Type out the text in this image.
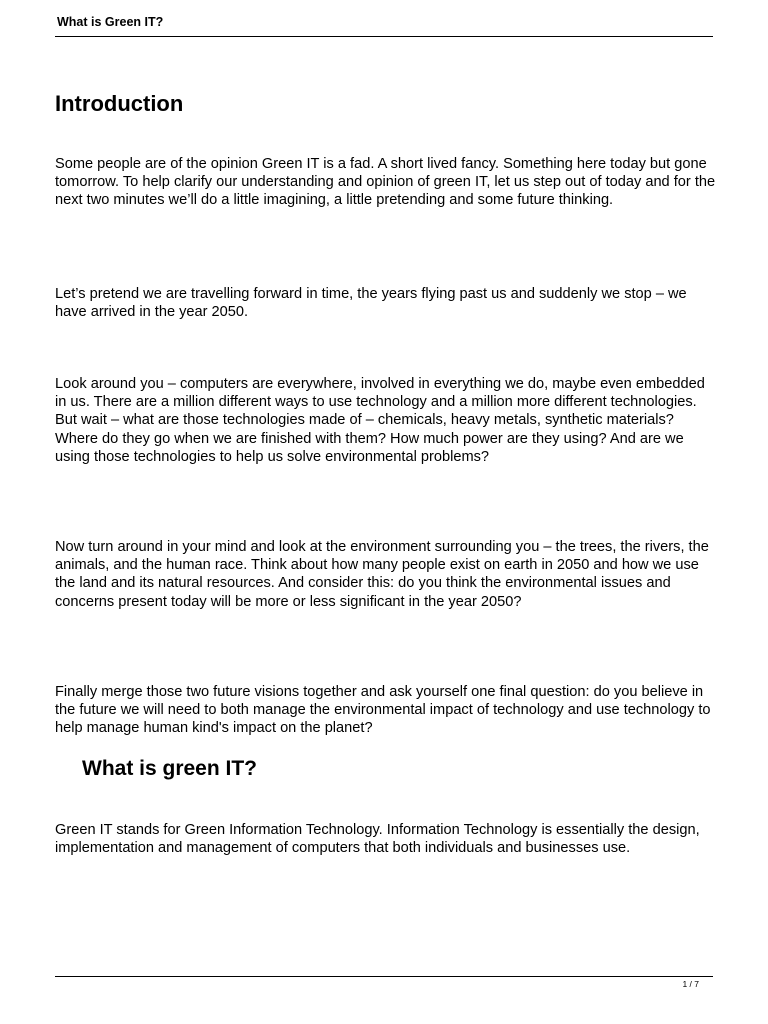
What is Green IT?
Introduction

Some people are of the opinion Green IT is a fad. A short lived fancy. Something here today but gone tomorrow. To help clarify our understanding and opinion of green IT, let us step out of today and for the next two minutes we’ll do a little imagining, a little pretending and some future thinking.

Let’s pretend we are travelling forward in time, the years flying past us and suddenly we stop – we have arrived in the year 2050.

Look around you – computers are everywhere, involved in everything we do, maybe even embedded in us. There are a million different ways to use technology and a million more different technologies. But wait – what are those technologies made of – chemicals, heavy metals, synthetic materials? Where do they go when we are finished with them? How much power are they using? And are we using those technologies to help us solve environmental problems?

Now turn around in your mind and look at the environment surrounding you – the trees, the rivers, the animals, and the human race. Think about how many people exist on earth in 2050 and how we use the land and its natural resources. And consider this: do you think the environmental issues and concerns present today will be more or less significant in the year 2050?

Finally merge those two future visions together and ask yourself one final question: do you believe in the future we will need to both manage the environmental impact of technology and use technology to help manage human kind's impact on the planet?

What is green IT?

Green IT stands for Green Information Technology. Information Technology is essentially the design, implementation and management of computers that both individuals and businesses use.

1 / 7
